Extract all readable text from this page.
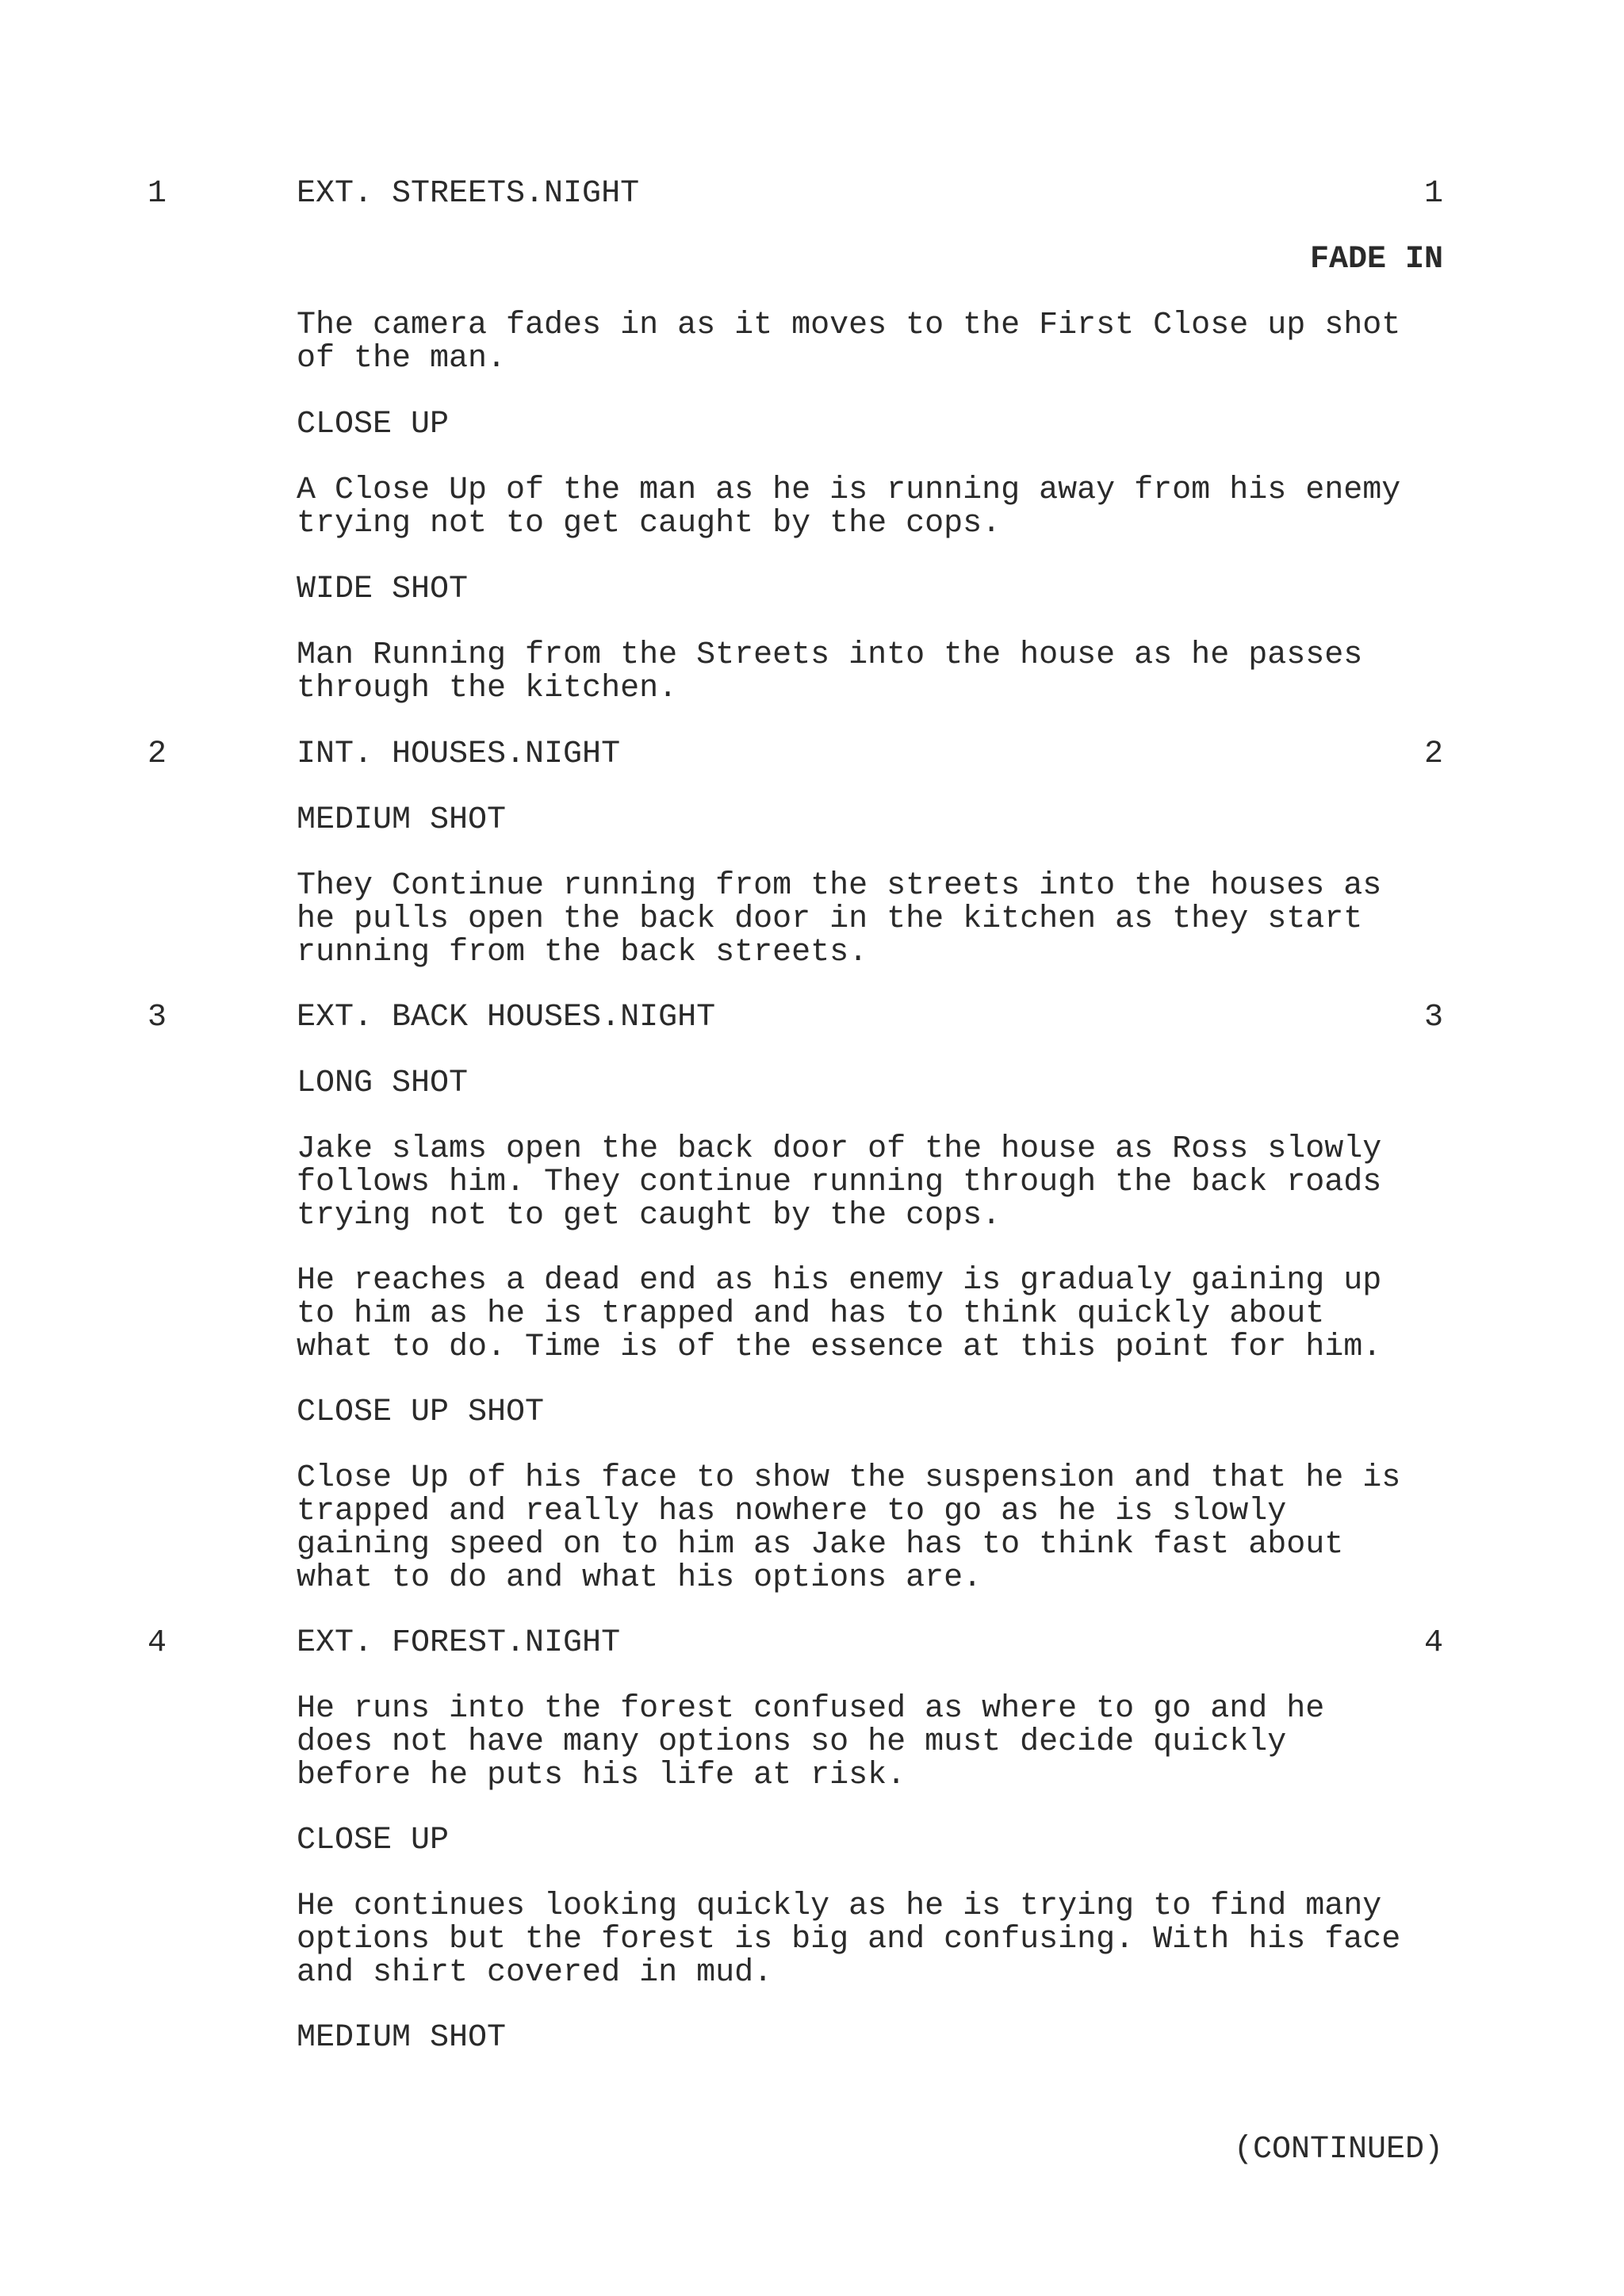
1	EXT. STREETS.NIGHT	1
FADE IN
The camera fades in as it moves to the First Close up shot
of the man.
CLOSE UP
A Close Up of the man as he is running away from his enemy
trying not to get caught by the cops.
WIDE SHOT
Man Running from the Streets into the house as he passes
through the kitchen.
2	INT. HOUSES.NIGHT	2
MEDIUM SHOT
They Continue running from the streets into the houses as
he pulls open the back door in the kitchen as they start
running from the back streets.
3	EXT. BACK HOUSES.NIGHT	3
LONG SHOT
Jake slams open the back door of the house as Ross slowly
follows him. They continue running through the back roads
trying not to get caught by the cops.
He reaches a dead end as his enemy is gradualy gaining up
to him as he is trapped and has to think quickly about
what to do. Time is of the essence at this point for him.
CLOSE UP SHOT
Close Up of his face to show the suspension and that he is
trapped and really has nowhere to go as he is slowly
gaining speed on to him as Jake has to think fast about
what to do and what his options are.
4	EXT. FOREST.NIGHT	4
He runs into the forest confused as where to go and he
does not have many options so he must decide quickly
before he puts his life at risk.
CLOSE UP
He continues looking quickly as he is trying to find many
options but the forest is big and confusing. With his face
and shirt covered in mud.
MEDIUM SHOT
(CONTINUED)
